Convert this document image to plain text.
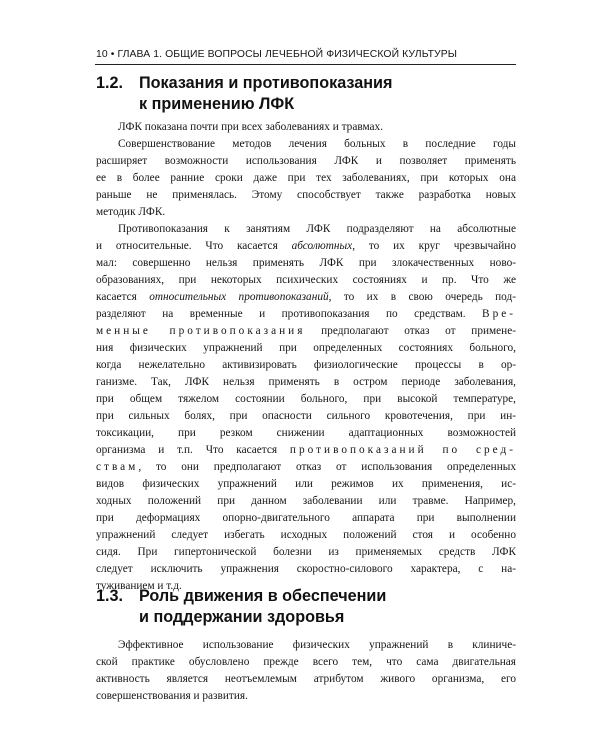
10 • ГЛАВА 1. ОБЩИЕ ВОПРОСЫ ЛЕЧЕБНОЙ ФИЗИЧЕСКОЙ КУЛЬТУРЫ
1.2. Показания и противопоказания
к применению ЛФК
ЛФК показана почти при всех заболеваниях и травмах.
Совершенствование методов лечения больных в последние годы
расширяет возможности использования ЛФК и позволяет применять
ее в более ранние сроки даже при тех заболеваниях, при которых она
раньше не применялась. Этому способствует также разработка новых
методик ЛФК.
Противопоказания к занятиям ЛФК подразделяют на абсолютные
и относительные. Что касается абсолютных, то их круг чрезвычайно
мал: совершенно нельзя применять ЛФК при злокачественных ново-
образованиях, при некоторых психических состояниях и пр. Что же
касается относительных противопоказаний, то их в свою очередь под-
разделяют на временные и противопоказания по средствам. Вре-
менные противопоказания предполагают отказ от примене-
ния физических упражнений при определенных состояниях больного,
когда нежелательно активизировать физиологические процессы в ор-
ганизме. Так, ЛФК нельзя применять в остром периоде заболевания,
при общем тяжелом состоянии больного, при высокой температуре,
при сильных болях, при опасности сильного кровотечения, при ин-
токсикации, при резком снижении адаптационных возможностей
организма и т.п. Что касается противопоказаний по сред-
ствам, то они предполагают отказ от использования определенных
видов физических упражнений или режимов их применения, ис-
ходных положений при данном заболевании или травме. Например,
при деформациях опорно-двигательного аппарата при выполнении
упражнений следует избегать исходных положений стоя и особенно
сидя. При гипертонической болезни из применяемых средств ЛФК
следует исключить упражнения скоростно-силового характера, с на-
туживанием и т.д.
1.3. Роль движения в обеспечении
и поддержании здоровья
Эффективное использование физических упражнений в клиниче-
ской практике обусловлено прежде всего тем, что сама двигательная
активность является неотъемлемым атрибутом живого организма, его
совершенствования и развития.
